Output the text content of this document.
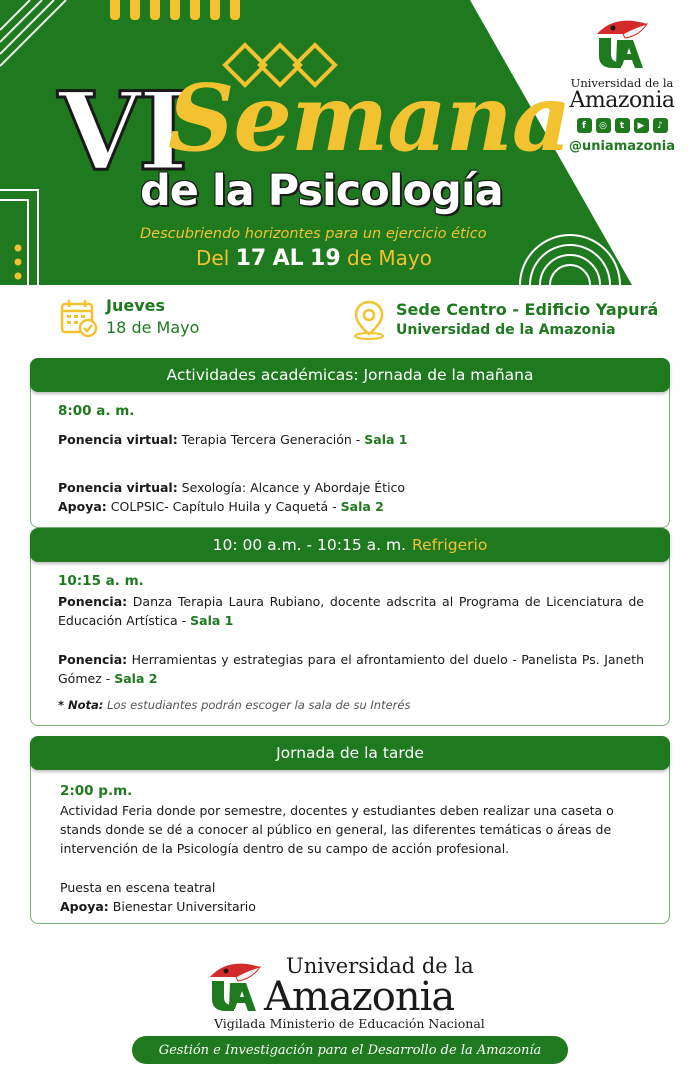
VI
Semana
de la Psicología
Descubriendo horizontes para un ejercicio ético
Del 17 AL 19 de Mayo
Universidad de la
Amazonia
f	◎	t	▶	♪
@uniamazonia
Jueves
18 de Mayo
Sede Centro - Edificio Yapurá
Universidad de la Amazonia
Actividades académicas: Jornada de la mañana
8:00 a. m.
Ponencia virtual: Terapia Tercera Generación - Sala 1
Ponencia virtual: Sexología: Alcance y Abordaje Ético
Apoya: COLPSIC- Capítulo Huila y Caquetá - Sala 2
10: 00 a.m. - 10:15 a. m. Refrigerio
10:15 a. m.
Ponencia: Danza Terapia Laura Rubiano, docente adscrita al Programa de Licenciatura de Educación Artística - Sala 1
Ponencia: Herramientas y estrategias para el afrontamiento del duelo - Panelista Ps. Janeth Gómez - Sala 2
* Nota: Los estudiantes podrán escoger la sala de su Interés
Jornada de la tarde
2:00 p.m.
Actividad Feria donde por semestre, docentes y estudiantes deben realizar una caseta o stands donde se dé a conocer al público en general, las diferentes temáticas o áreas de intervención de la Psicología dentro de su campo de acción profesional.
Puesta en escena teatral
Apoya: Bienestar Universitario
Universidad de la
Amazonia
Vigilada Ministerio de Educación Nacional
Gestión e Investigación para el Desarrollo de la Amazonía
